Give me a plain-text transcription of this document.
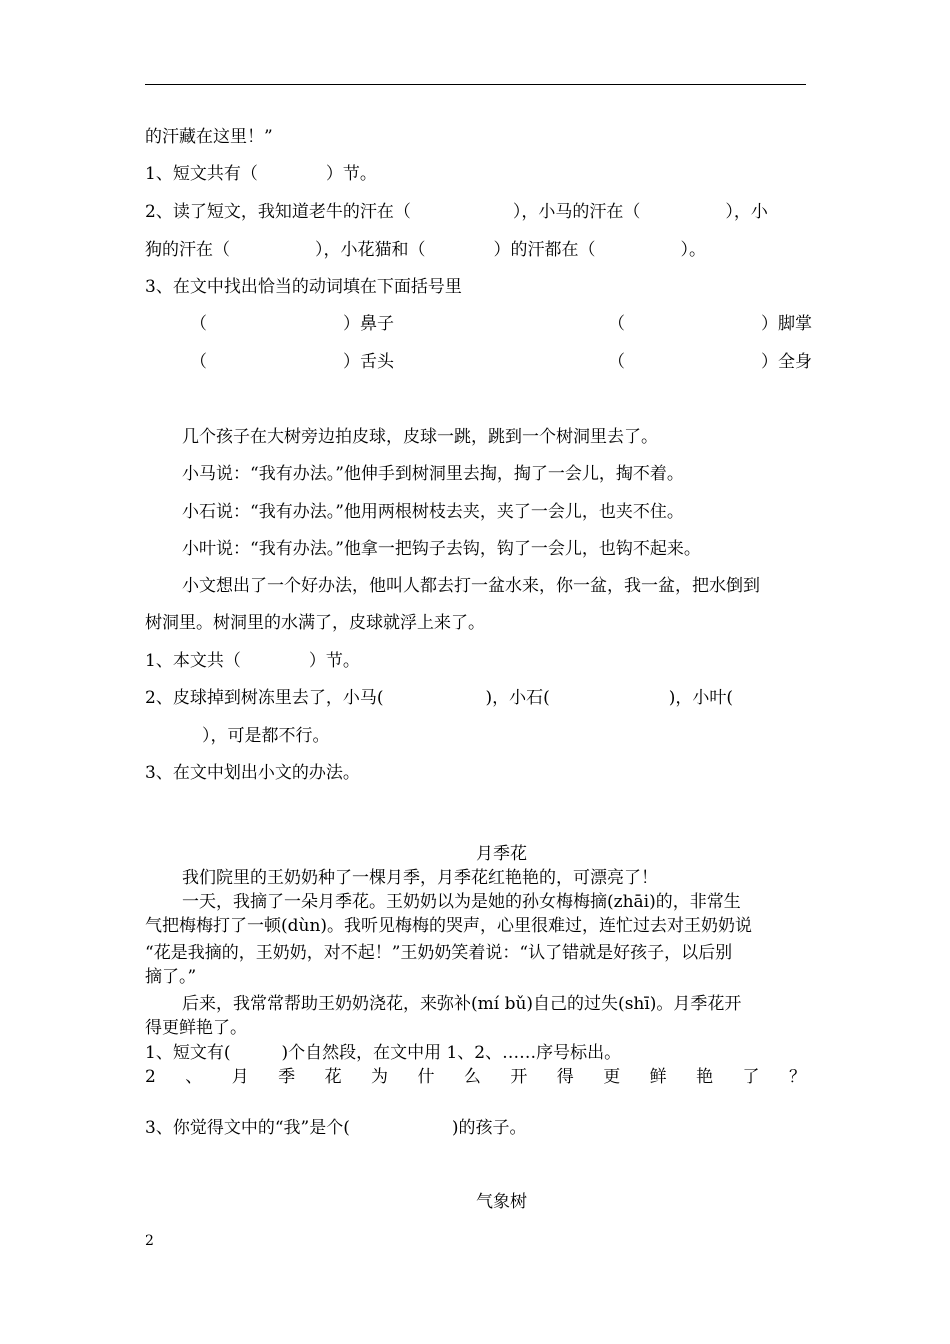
的汗藏在这里！”
1、短文共有（　　　　）节。
2、读了短文，我知道老牛的汗在（　　　　　　），小马的汗在（　　　　　），小
狗的汗在（　　　　　），小花猫和（　　　　）的汗都在（　　　　　）。
3、在文中找出恰当的动词填在下面括号里
（　　　　　　　　）鼻子	（　　　　　　　　）脚掌
（　　　　　　　　）舌头	（　　　　　　　　）全身
几个孩子在大树旁边拍皮球，皮球一跳，跳到一个树洞里去了。
小马说：“我有办法。”他伸手到树洞里去掏，掏了一会儿，掏不着。
小石说：“我有办法。”他用两根树枝去夹，夹了一会儿，也夹不住。
小叶说：“我有办法。”他拿一把钩子去钩，钩了一会儿，也钩不起来。
小文想出了一个好办法，他叫人都去打一盆水来，你一盆，我一盆，把水倒到
树洞里。树洞里的水满了，皮球就浮上来了。
1、本文共（　　　　）节。
2、皮球掉到树冻里去了，小马(　　　　　　)，小石(　　　　　　　)，小叶(
），可是都不行。
3、在文中划出小文的办法。
月季花
我们院里的王奶奶种了一棵月季，月季花红艳艳的，可漂亮了！
一天，我摘了一朵月季花。王奶奶以为是她的孙女梅梅摘(zhāi)的，非常生
气把梅梅打了一顿(dùn)。我听见梅梅的哭声，心里很难过，连忙过去对王奶奶说
“花是我摘的，王奶奶，对不起！”王奶奶笑着说：“认了错就是好孩子，以后别
摘了。”
后来，我常常帮助王奶奶浇花，来弥补(mí bǔ)自己的过失(shī)。月季花开
得更鲜艳了。
1、短文有(　　　)个自然段，在文中用 1、2、……序号标出。
2 、 月 季 花 为 什 么 开 得 更 鲜 艳 了 ？
3、你觉得文中的“我”是个(　　　　　　)的孩子。
气象树
2
